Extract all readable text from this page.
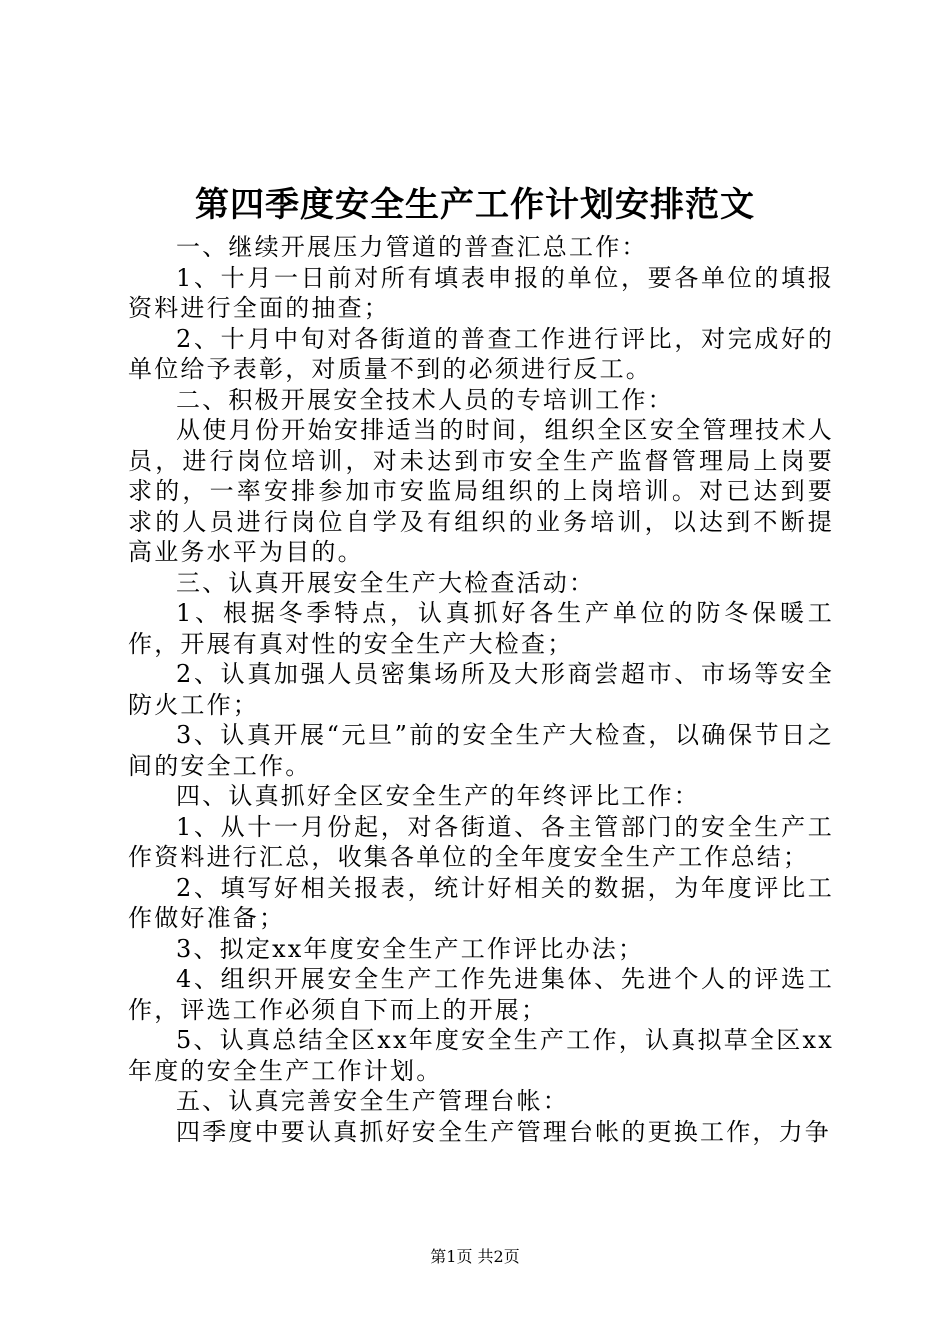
第四季度安全生产工作计划安排范文

一、继续开展压力管道的普查汇总工作：

1、十月一日前对所有填表申报的单位，要各单位的填报资料进行全面的抽查；

2、十月中旬对各街道的普查工作进行评比，对完成好的单位给予表彰，对质量不到的必须进行反工。

二、积极开展安全技术人员的专培训工作：

从使月份开始安排适当的时间，组织全区安全管理技术人员，进行岗位培训，对未达到市安全生产监督管理局上岗要求的，一率安排参加市安监局组织的上岗培训。对已达到要求的人员进行岗位自学及有组织的业务培训，以达到不断提高业务水平为目的。

三、认真开展安全生产大检查活动：

1、根据冬季特点，认真抓好各生产单位的防冬保暖工作，开展有真对性的安全生产大检查；

2、认真加强人员密集场所及大形商尝超市、市场等安全防火工作；

3、认真开展“元旦”前的安全生产大检查，以确保节日之间的安全工作。

四、认真抓好全区安全生产的年终评比工作：

1、从十一月份起，对各街道、各主管部门的安全生产工作资料进行汇总，收集各单位的全年度安全生产工作总结；

2、填写好相关报表，统计好相关的数据，为年度评比工作做好准备；

3、拟定xx年度安全生产工作评比办法；

4、组织开展安全生产工作先进集体、先进个人的评选工作，评选工作必须自下而上的开展；

5、认真总结全区xx年度安全生产工作，认真拟草全区xx年度的安全生产工作计划。

五、认真完善安全生产管理台帐：

四季度中要认真抓好安全生产管理台帐的更换工作，力争

第1页 共2页
